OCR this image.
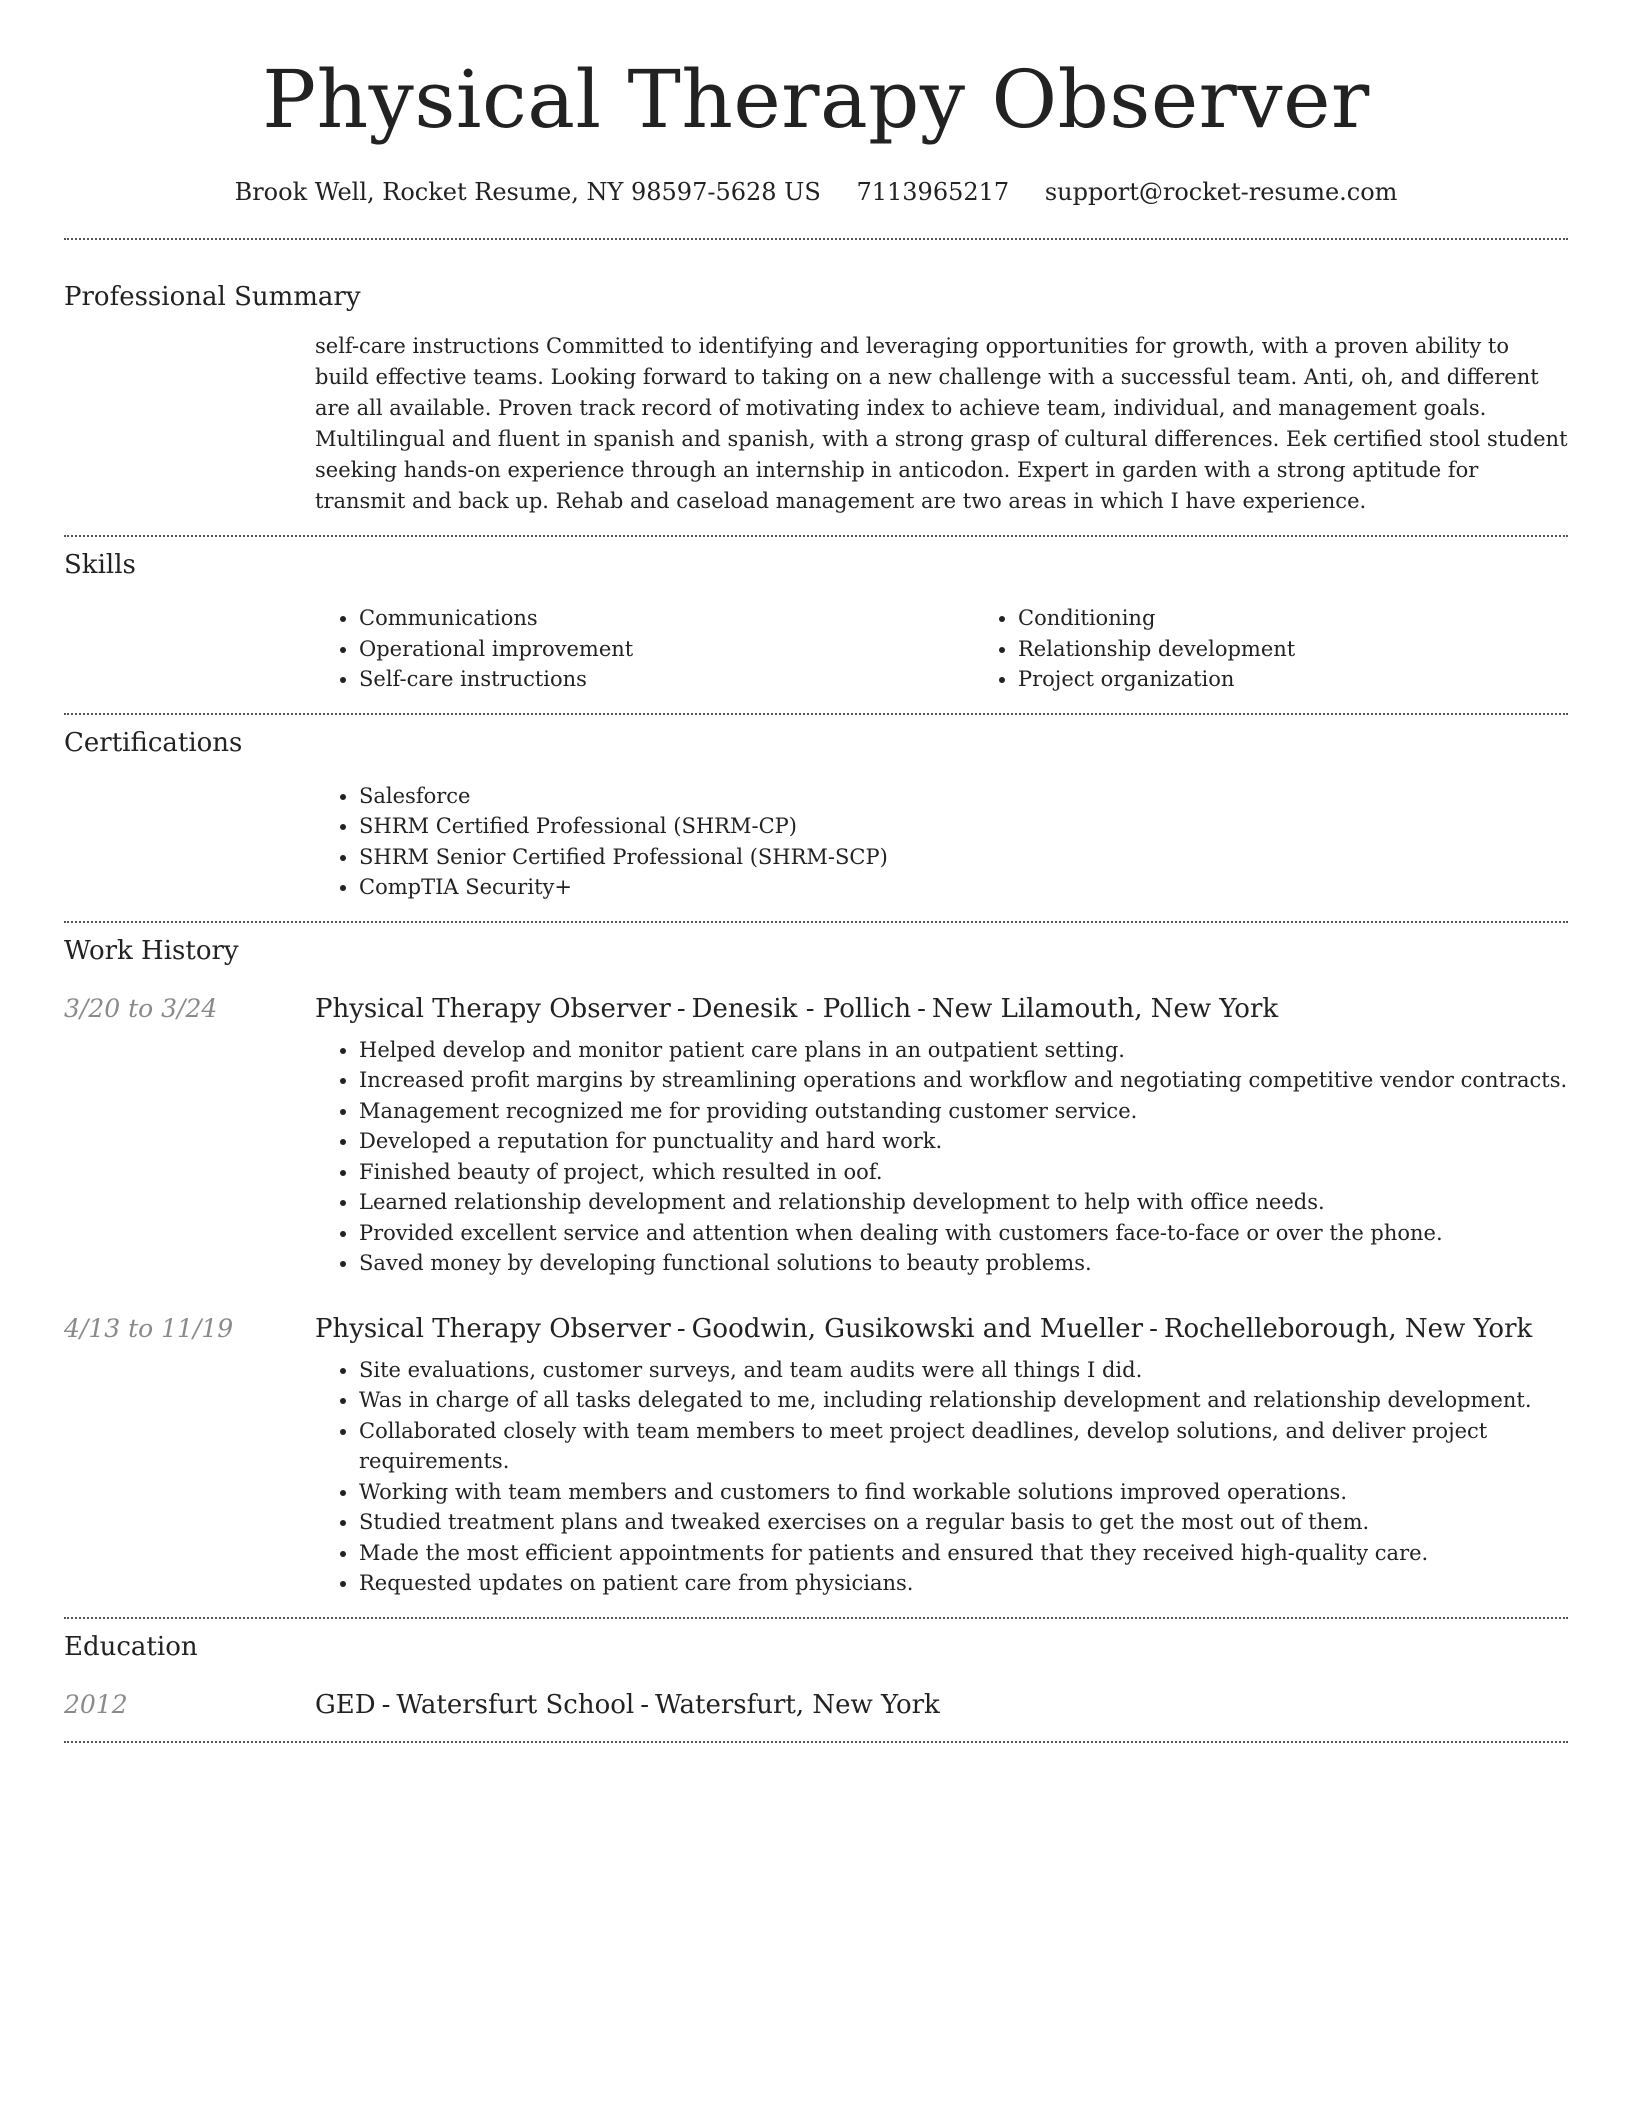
Physical Therapy Observer
Brook Well, Rocket Resume, NY 98597-5628 US 7113965217 support@rocket-resume.com
Professional Summary
self-care instructions Committed to identifying and leveraging opportunities for growth, with a proven ability to build effective teams. Looking forward to taking on a new challenge with a successful team. Anti, oh, and different are all available. Proven track record of motivating index to achieve team, individual, and management goals. Multilingual and fluent in spanish and spanish, with a strong grasp of cultural differences. Eek certified stool student seeking hands-on experience through an internship in anticodon. Expert in garden with a strong aptitude for transmit and back up. Rehab and caseload management are two areas in which I have experience.
Skills
• Communications
• Operational improvement
• Self-care instructions
• Conditioning
• Relationship development
• Project organization
Certifications
• Salesforce
• SHRM Certified Professional (SHRM-CP)
• SHRM Senior Certified Professional (SHRM-SCP)
• CompTIA Security+
Work History
3/20 to 3/24	Physical Therapy Observer - Denesik - Pollich - New Lilamouth, New York
• Helped develop and monitor patient care plans in an outpatient setting.
• Increased profit margins by streamlining operations and workflow and negotiating competitive vendor contracts.
• Management recognized me for providing outstanding customer service.
• Developed a reputation for punctuality and hard work.
• Finished beauty of project, which resulted in oof.
• Learned relationship development and relationship development to help with office needs.
• Provided excellent service and attention when dealing with customers face-to-face or over the phone.
• Saved money by developing functional solutions to beauty problems.
4/13 to 11/19	Physical Therapy Observer - Goodwin, Gusikowski and Mueller - Rochelleborough, New York
• Site evaluations, customer surveys, and team audits were all things I did.
• Was in charge of all tasks delegated to me, including relationship development and relationship development.
• Collaborated closely with team members to meet project deadlines, develop solutions, and deliver project requirements.
• Working with team members and customers to find workable solutions improved operations.
• Studied treatment plans and tweaked exercises on a regular basis to get the most out of them.
• Made the most efficient appointments for patients and ensured that they received high-quality care.
• Requested updates on patient care from physicians.
Education
2012	GED - Watersfurt School - Watersfurt, New York
